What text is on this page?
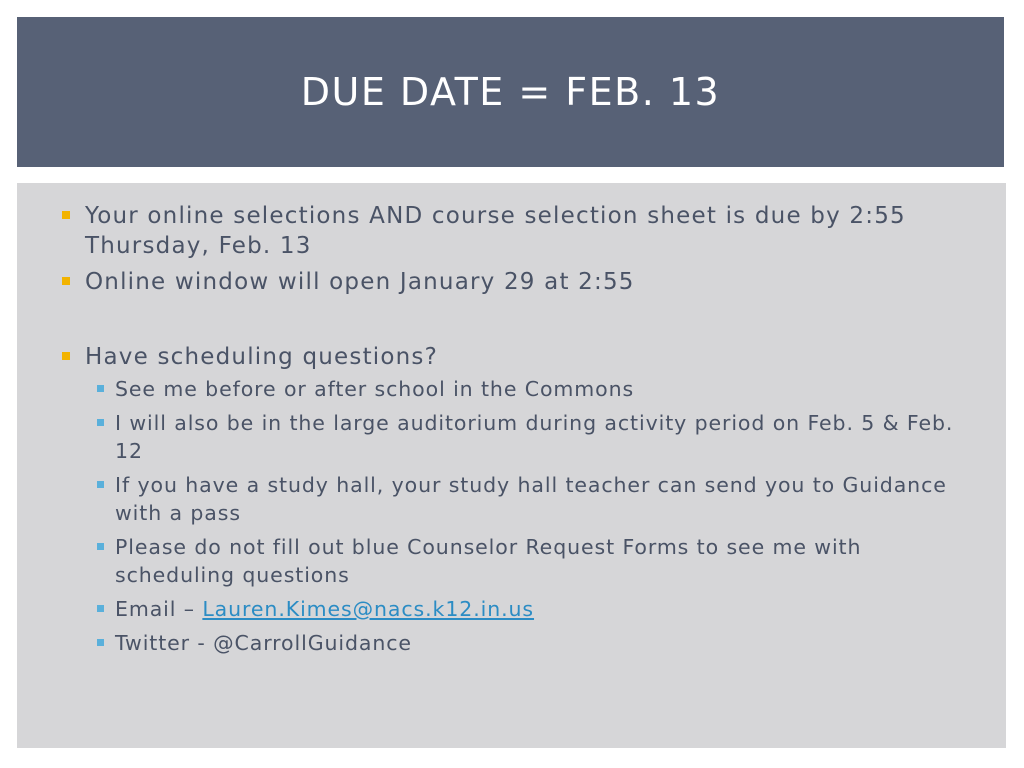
DUE DATE = FEB. 13
Your online selections AND course selection sheet is due by 2:55 Thursday, Feb. 13
Online window will open January 29 at 2:55
Have scheduling questions?
See me before or after school in the Commons
I will also be in the large auditorium during activity period on Feb. 5 & Feb. 12
If you have a study hall, your study hall teacher can send you to Guidance with a pass
Please do not fill out blue Counselor Request Forms to see me with scheduling questions
Email – Lauren.Kimes@nacs.k12.in.us
Twitter - @CarrollGuidance
